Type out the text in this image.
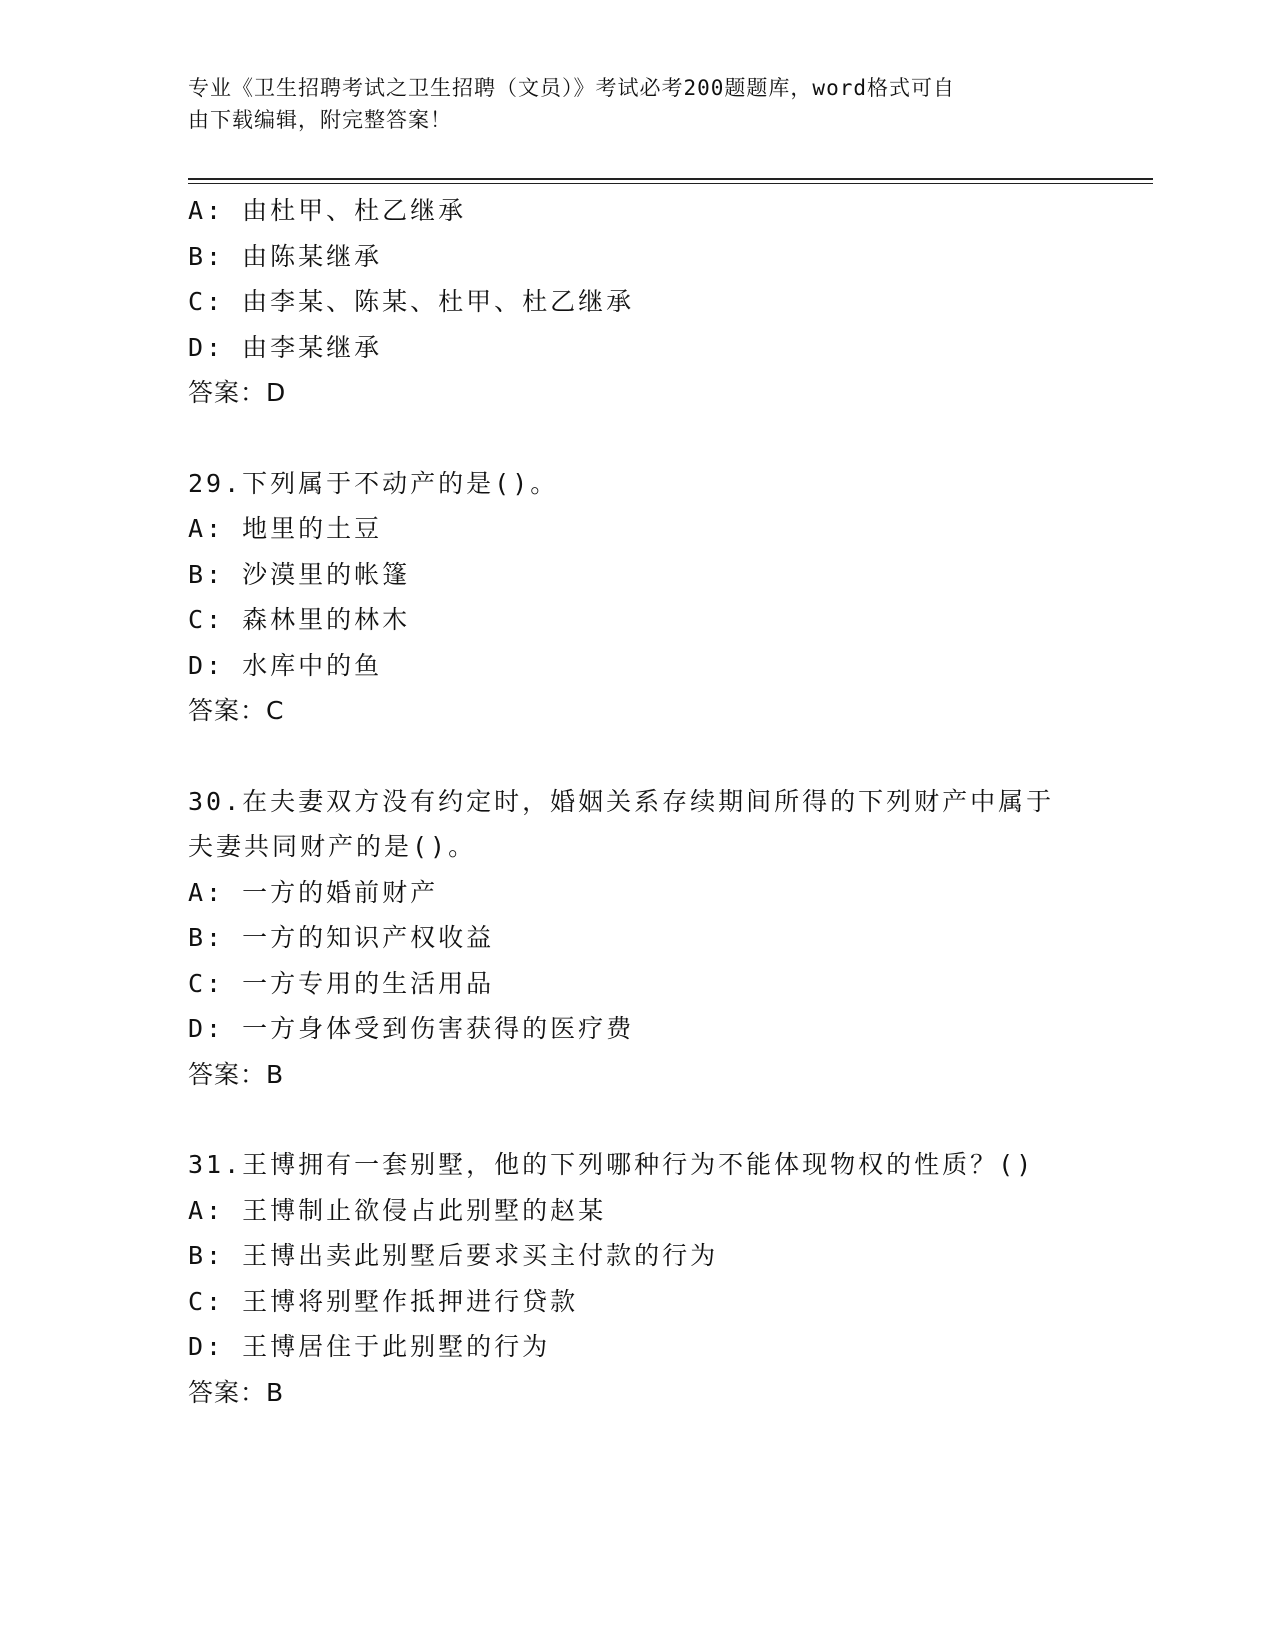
专业《卫生招聘考试之卫生招聘（文员）》考试必考200题题库，word格式可自
由下载编辑，附完整答案！
A: 由杜甲、杜乙继承
B: 由陈某继承
C: 由李某、陈某、杜甲、杜乙继承
D: 由李某继承
答案：D
29.下列属于不动产的是()。
A: 地里的土豆
B: 沙漠里的帐篷
C: 森林里的林木
D: 水库中的鱼
答案：C
30.在夫妻双方没有约定时，婚姻关系存续期间所得的下列财产中属于
夫妻共同财产的是()。
A: 一方的婚前财产
B: 一方的知识产权收益
C: 一方专用的生活用品
D: 一方身体受到伤害获得的医疗费
答案：B
31.王博拥有一套别墅，他的下列哪种行为不能体现物权的性质？()
A: 王博制止欲侵占此别墅的赵某
B: 王博出卖此别墅后要求买主付款的行为
C: 王博将别墅作抵押进行贷款
D: 王博居住于此别墅的行为
答案：B
